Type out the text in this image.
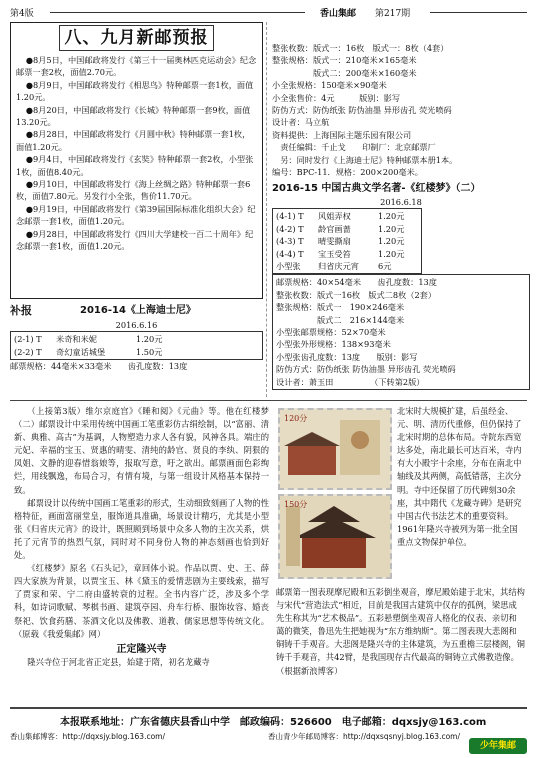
第4版	香山集邮 第217期
八、九月新邮预报

●8月5日，中国邮政将发行《第三十一届奥林匹克运动会》纪念邮票一套2枚，面值2.70元。

●8月9日，中国邮政将发行《相思鸟》特种邮票一套1枚，面值1.20元。

●8月20日，中国邮政将发行《长城》特种邮票一套9枚，面值13.20元。

●8月28日，中国邮政将发行《月圆中秋》特种邮票一套1枚，面值1.20元。

●9月4日，中国邮政将发行《玄奘》特种邮票一套2枚，小型张1枚，面值8.40元。

●9月10日，中国邮政将发行《海上丝绸之路》特种邮票一套6枚，面值7.80元。另发行小全张，售价11.70元。

●9月19日，中国邮政将发行《第39届国际标准化组织大会》纪念邮票一套1枚，面值1.20元。

●9月28日，中国邮政将发行《四川大学建校一百二十周年》纪念邮票一套1枚，面值1.20元。

整张枚数：版式一：16枚　版式一：8枚（4套）

整张规格：版式一：210毫米×165毫米

　　　　　版式二：200毫米×160毫米

小全张规格：150毫米×90毫米

小全张售价：4元　　　版别：影写

防伪方式：防伪纸张 防伪油墨 异形齿孔 荧光喷码

设计者：马立航

资料提供：上海国际主题乐园有限公司

　责任编辑：千止戈　　印制厂：北京邮票厂

　另：同时发行《上海迪士尼》特种邮票本册1本。

编号：BPC-11．规格：200×200毫米。

2016-15 中国古典文学名著-《红楼梦》（二）
2016.6.18
(4-1) T	风姐弄权	1.20元
(4-2) T	龄官画蔷	1.20元
(4-3) T	晴雯撕扇	1.20元
(4-4) T	宝玉受笞	1.20元
小型张	归省庆元宵	6元

邮票规格：40×54毫米　　齿孔度数：13度

整张枚数：版式一16枚　版式二8枚（2套）

整张规格：版式一　190×246毫米

　　　　　版式二　216×144毫米

小型张邮票规格：52×70毫米

小型张外形规格：138×93毫米

小型张齿孔度数：13度　　版别：影写

防伪方式：防伪纸张 防伪油墨 异形齿孔 荧光喷码

设计者：萧玉田　　　　　（下转第2版）

补报	2016-14《上海迪士尼》
2016.6.16
(2-1) T	米奇和米妮	1.20元
(2-2) T	奇幻童话城堡	1.50元
邮票规格：44毫米×33毫米　　齿孔度数：13度

（上接第3版）维尔京庭宫》《睡和阅》《元曲》等。他在红楼梦（二）邮票设计中采用传统中国画工笔重彩仿古绢绘制，以“富丽、清新、典雅、高古”为基调，人物塑造力求人各有貌，风神各具。端庄的元妃、幸福的宝玉、贤惠的晴雯、清纯的龄官、贤良的李纨、阴狠的凤姐、文静的迎春惜翁娘等，报取写意，吁之欲出。邮票画面色彩绚烂，用线飘逸，布局合习，有情有境，与第一组设计风格基本保持一致。

邮票设计以传统中国画工笔重彩的形式，生动细致刻画了人物的性格特征，画面富丽堂皇，服饰道具准确，场景设计精巧，尤其是小型张《归省庆元宵》的设计，既照顾到场景中众多人物的主次关系，烘托了元宵节的热烈气氛，同时对不同身份人物的神态刻画也恰到好处。

《红楼梦》原名《石头记》，章回体小说。作品以贾、史、王、薛四大家族为背景，以贾宝玉、林《黛玉的爱情悲剧为主要线索，描写了贾家和荣、宁二府由盛转衰的过程。全书内容广泛，涉及多个学科，如诗词歌赋、琴棋书画、建筑亭园、舟车行桥、服饰妆容、婚丧祭祀、饮食药膳、茶酒文化以及佛教、道教、儒家思想等传统文化。（原载《我爱集邮》网）

正定隆兴寺

隆兴寺位于河北省正定县，始建于隋，初名龙藏寺

120分
150分
北宋时大规模扩建，后虽经金、元、明、清历代重修，但仍保持了北宋时期的总体布局。寺院东西宽达多处，南北最长可达百米，寺内有大小殿宇十余座，分布在南北中轴线及其两侧，高低错落，主次分明。寺中还保留了历代碑刻30余座，其中隋代《龙藏寺碑》是研究中国古代书法艺术的重要资料。1961年隆兴寺被列为第一批全国重点文物保护单位。
邮票第一图表现摩尼殿和五彩倒坐观音，摩尼殿始建于北宋，其结构与宋代“营造法式”相近，目前是我国古建筑中仅存的孤例，梁思成先生称其为“艺术极品”。五彩悬塑倒坐观音人格化的仪表、亲切和蔼的微笑，鲁迅先生把她视为“东方维纳斯”。第二图表现大悲阁和铜铸千手观音。大悲阁是隆兴寺的主体建筑，为五重檐三层楼阁，铜铸千手观音，共42臂，是我国现存古代最高的铜铸立式佛教造像。（根据新浪博客）
本报联系地址：广东省德庆县香山中学　邮政编码：526600　电子邮箱：dqxsjy@163.com
香山集邮博客：http://dqxsjy.blog.163.com/	香山青少年邮局博客：http://dqxsqsnyj.blog.163.com/
少年集邮
